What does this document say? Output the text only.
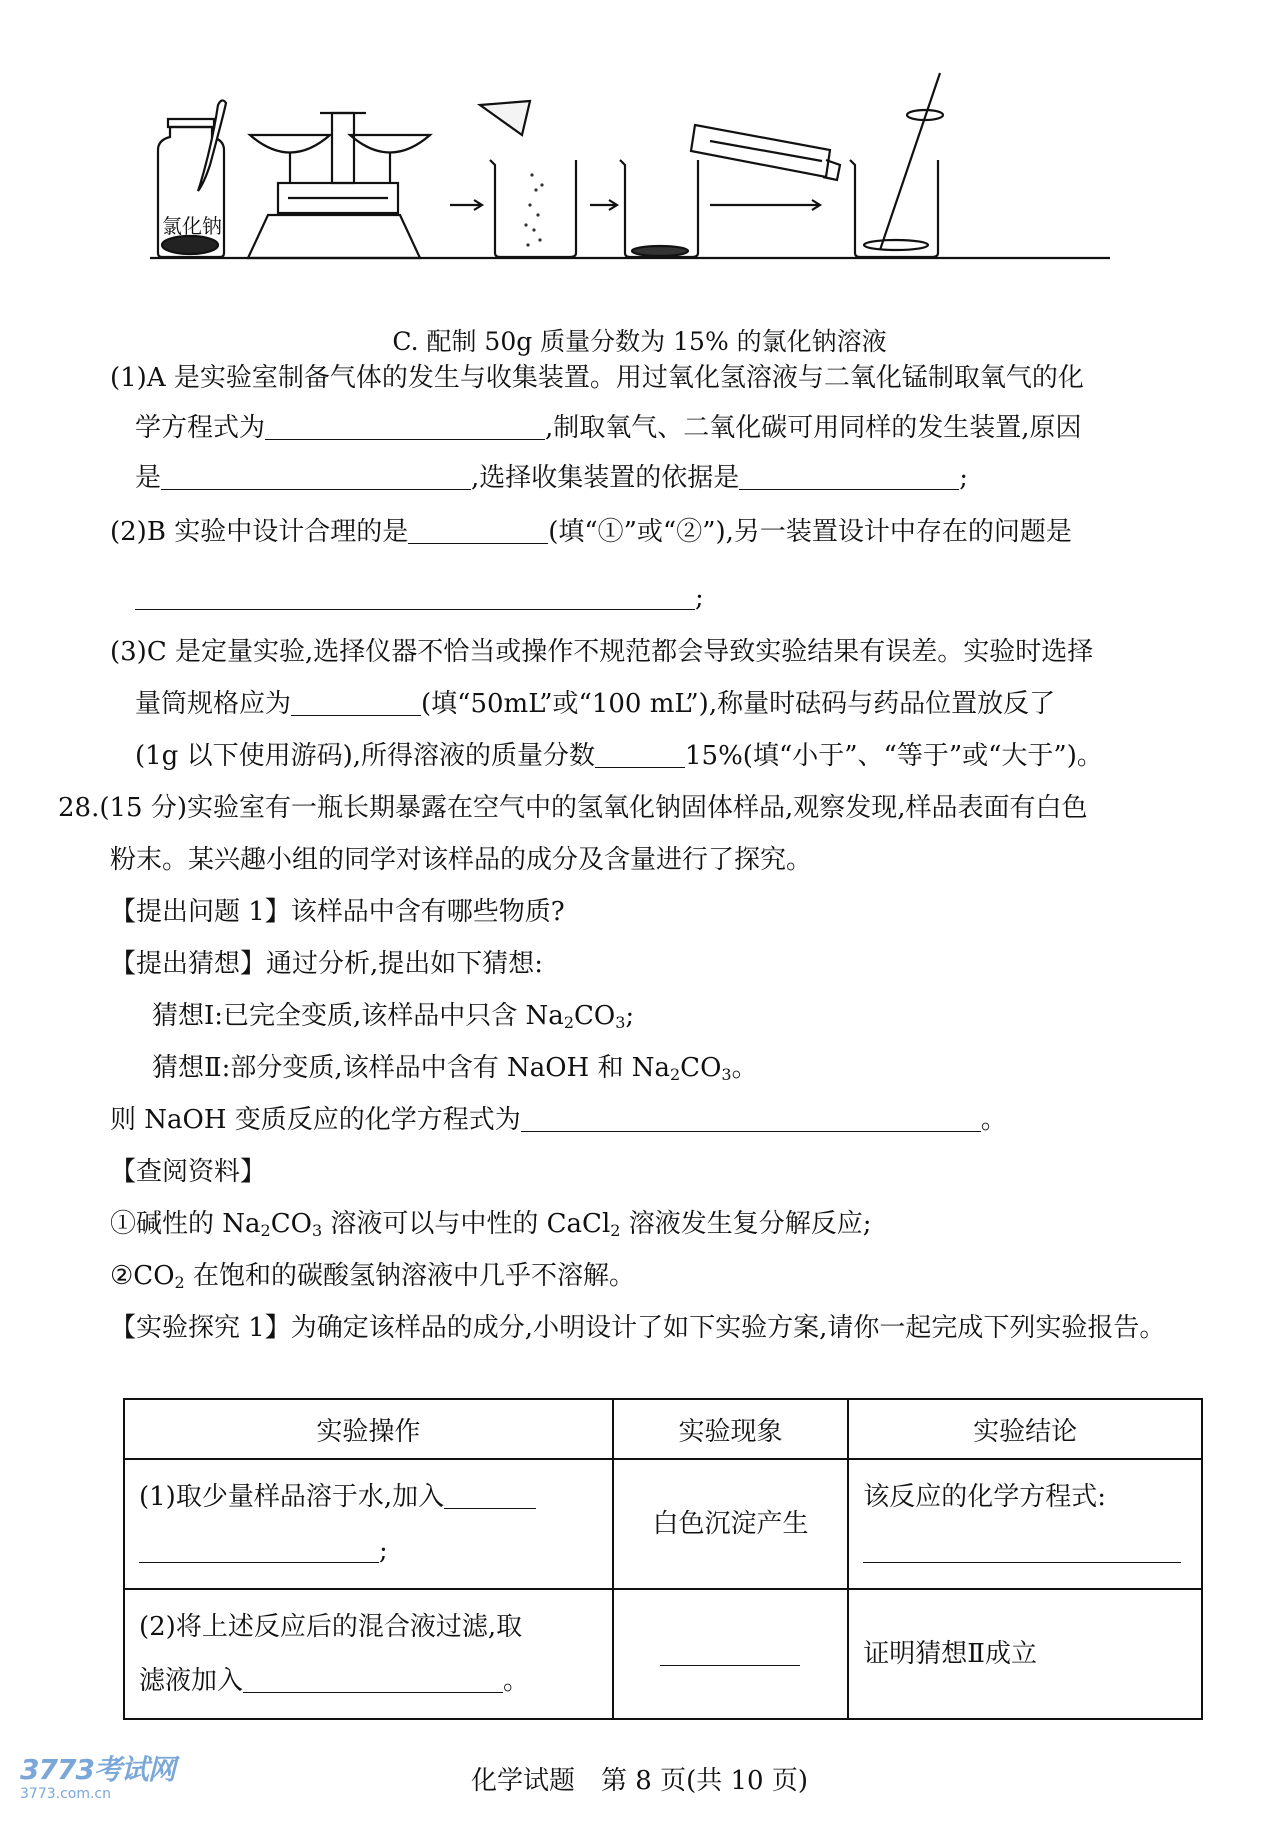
氯化钠
C. 配制 50g 质量分数为 15% 的氯化钠溶液
(1)A 是实验室制备气体的发生与收集装置。用过氧化氢溶液与二氧化锰制取氧气的化
学方程式为	,制取氧气、二氧化碳可用同样的发生装置,原因
是	,选择收集装置的依据是	;
(2)B 实验中设计合理的是	(填“①”或“②”),另一装置设计中存在的问题是
;
(3)C 是定量实验,选择仪器不恰当或操作不规范都会导致实验结果有误差。实验时选择
量筒规格应为	(填“50mL”或“100 mL”),称量时砝码与药品位置放反了
(1g 以下使用游码),所得溶液的质量分数	15%(填“小于”、“等于”或“大于”)。
28.(15 分)实验室有一瓶长期暴露在空气中的氢氧化钠固体样品,观察发现,样品表面有白色
粉末。某兴趣小组的同学对该样品的成分及含量进行了探究。
【提出问题 1】该样品中含有哪些物质?
【提出猜想】通过分析,提出如下猜想:
猜想Ⅰ:已完全变质,该样品中只含 $Na_2CO_3$;
猜想Ⅱ:部分变质,该样品中含有 NaOH 和 $Na_2CO_3$。
则 NaOH 变质反应的化学方程式为	。
【查阅资料】
①碱性的 $Na_2CO_3$ 溶液可以与中性的 CaCl$_2$ 溶液发生复分解反应;
$②CO_2$ 在饱和的碳酸氢钠溶液中几乎不溶解。
【实验探究 1】为确定该样品的成分,小明设计了如下实验方案,请你一起完成下列实验报告。
实验操作	实验现象	实验结论
(1)取少量样品溶于水,加入
;	白色沉淀产生	该反应的化学方程式:

(2)将上述反应后的混合液过滤,取
滤液加入 。		证明猜想Ⅱ成立
化学试题　第 8 页(共 10 页)
3773考试网
3773.com.cn
